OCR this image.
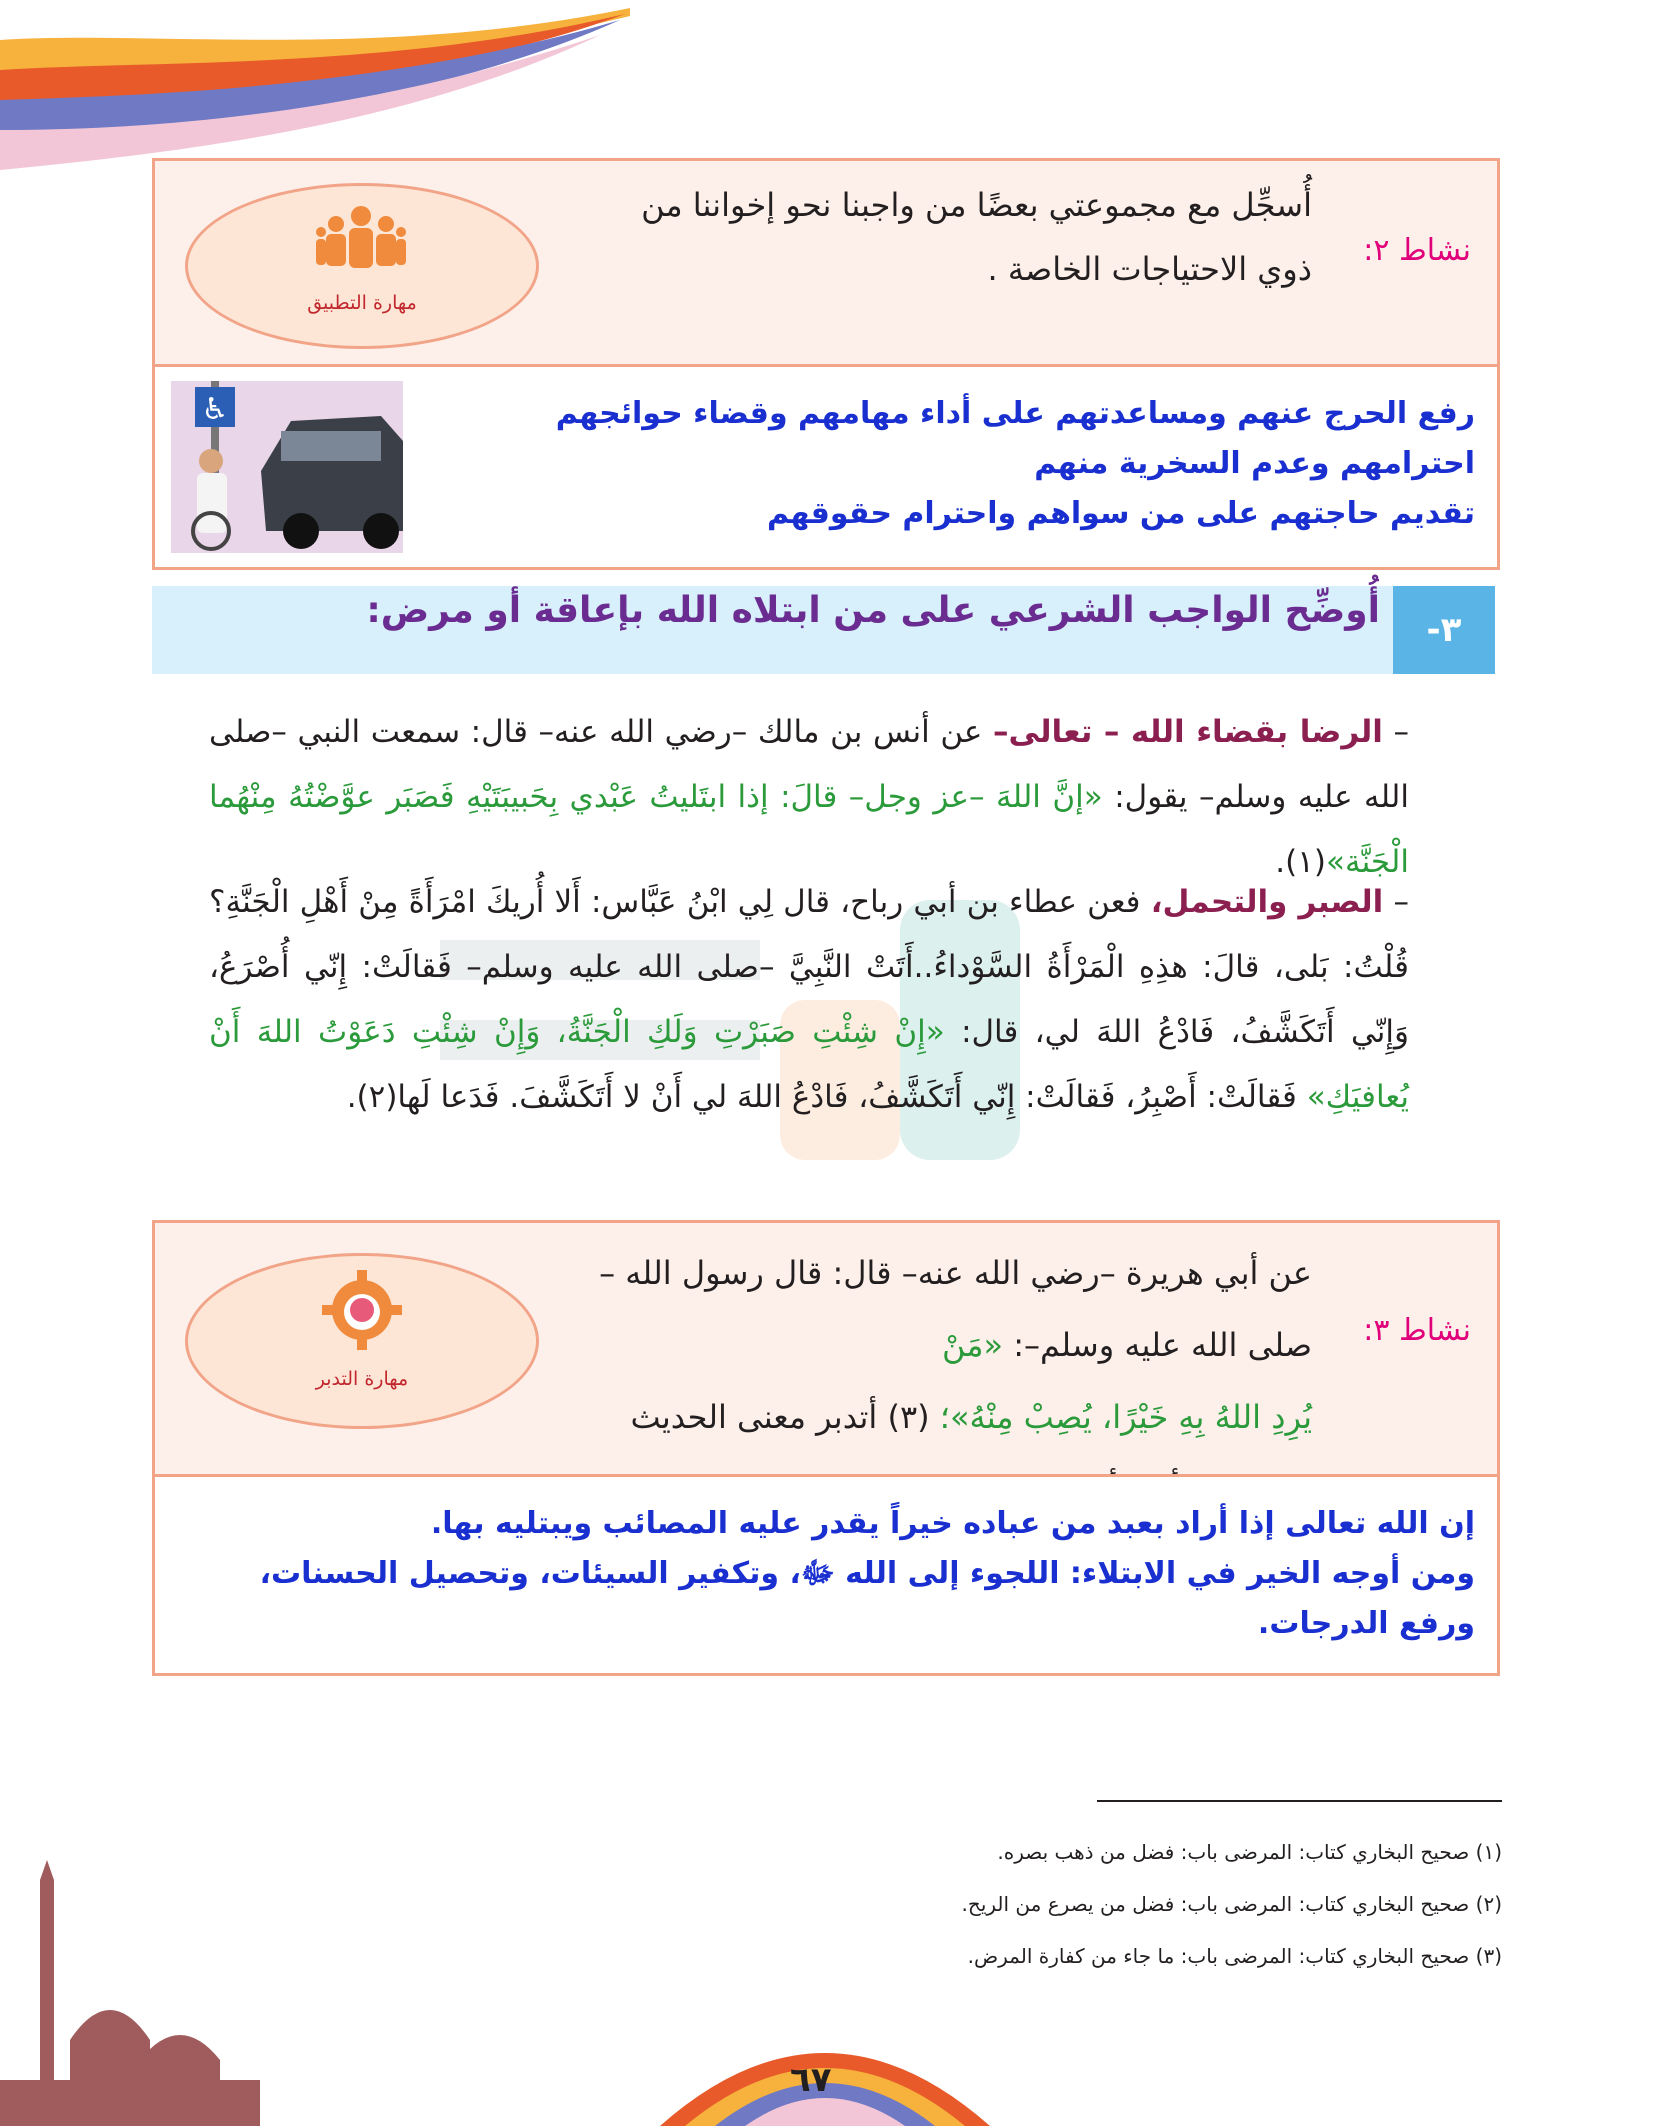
نشاط ٢:
أُسجِّل مع مجموعتي بعضًا من واجبنا نحو إخواننا من
ذوي الاحتياجات الخاصة .
مهارة التطبيق
رفع الحرج عنهم ومساعدتهم على أداء مهامهم وقضاء حوائجهم
احترامهم وعدم السخرية منهم
تقديم حاجتهم على من سواهم واحترام حقوقهم
♿
٣-
أُوضِّح الواجب الشرعي على من ابتلاه الله بإعاقة أو مرض:
– الرضا بقضاء الله – تعالى– عن أنس بن مالك –رضي الله عنه– قال: سمعت النبي –صلى الله عليه وسلم– يقول: «إنَّ اللهَ –عز وجل– قالَ: إذا ابتَليتُ عَبْدي بِحَبيبَتَيْهِ فَصَبَر عوَّضْتُهُ مِنْهُما الْجَنَّة»(١).
– الصبر والتحمل، فعن عطاء بن أبي رباح، قال لِي ابْنُ عَبَّاس: أَلا أُريكَ امْرَأَةً مِنْ أَهْلِ الْجَنَّةِ؟ قُلْتُ: بَلى، قالَ: هذِهِ الْمَرْأَةُ السَّوْداءُ..أَتَتْ النَّبِيَّ –صلى الله عليه وسلم– فَقالَتْ: إِنّي أُصْرَعُ، وَإِنّي أَتَكَشَّفُ، فَادْعُ اللهَ لي، قال: «إِنْ شِئْتِ صَبَرْتِ وَلَكِ الْجَنَّةُ، وَإِنْ شِئْتِ دَعَوْتُ اللهَ أَنْ يُعافيَكِ» فَقالَتْ: أَصْبِرُ، فَقالَتْ: إِنّي أَتَكَشَّفُ، فَادْعُ اللهَ لي أَنْ لا أَتَكَشَّفَ. فَدَعا لَها(٢).
نشاط ٣:
عن أبي هريرة –رضي الله عنه– قال: قال رسول الله –صلى الله عليه وسلم–: «مَنْ
يُرِدِ اللهُ بِهِ خَيْرًا، يُصِبْ مِنْهُ»؛ (٣) أتدبر معنى الحديث
مهارة التدبر
إن الله تعالى إذا أراد بعبد من عباده خيراً يقدر عليه المصائب ويبتليه بها.
ومن أوجه الخير في الابتلاء: اللجوء إلى الله ﷻ، وتكفير السيئات، وتحصيل الحسنات، ورفع الدرجات.
(١) صحيح البخاري كتاب: المرضى باب: فضل من ذهب بصره.
(٢) صحيح البخاري كتاب: المرضى باب: فضل من يصرع من الريح.
(٣) صحيح البخاري كتاب: المرضى باب: ما جاء من كفارة المرض.
٦٧
